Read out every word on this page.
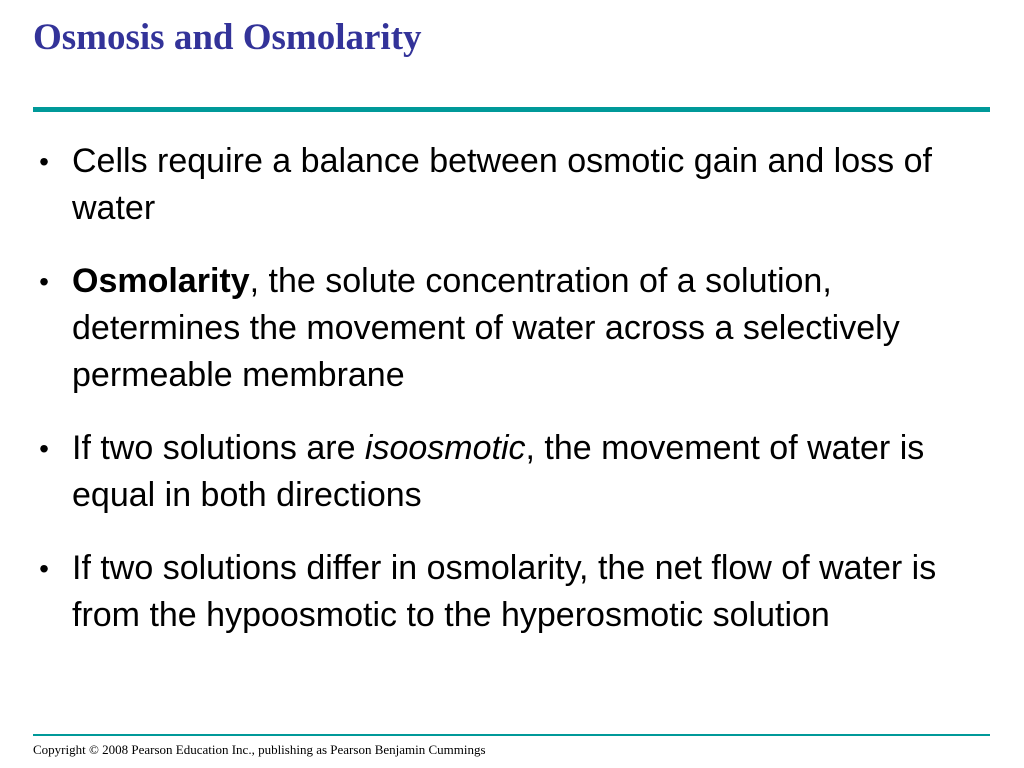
Osmosis and Osmolarity
• Cells require a balance between osmotic gain and loss of water
• Osmolarity, the solute concentration of a solution, determines the movement of water across a selectively permeable membrane
• If two solutions are isoosmotic, the movement of water is equal in both directions
• If two solutions differ in osmolarity, the net flow of water is from the hypoosmotic to the hyperosmotic solution

Copyright © 2008 Pearson Education Inc., publishing as Pearson Benjamin Cummings
